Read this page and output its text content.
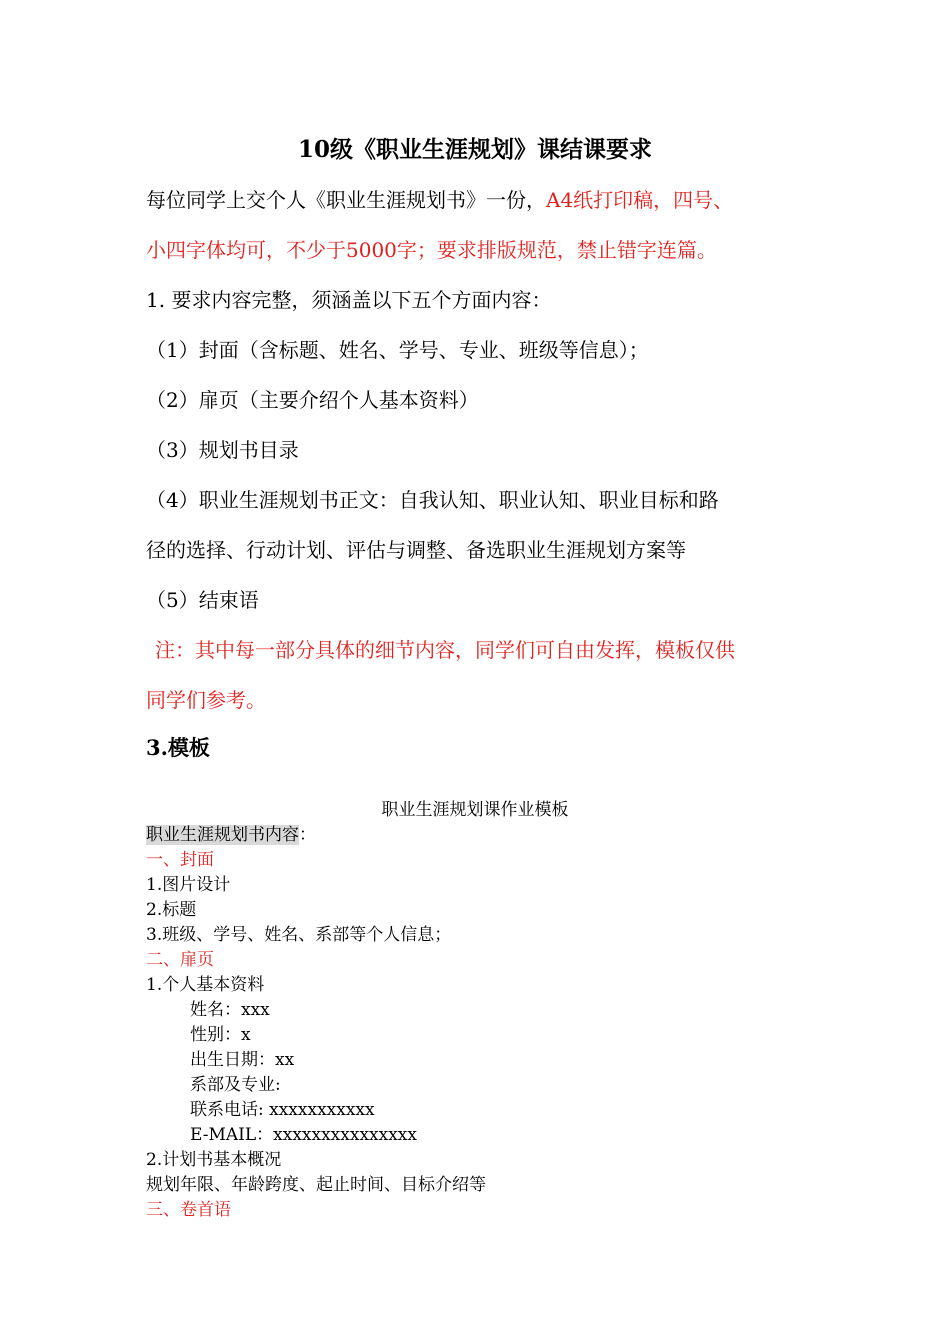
10级《职业生涯规划》课结课要求
每位同学上交个人《职业生涯规划书》一份，A4纸打印稿，四号、
小四字体均可，不少于5000字；要求排版规范，禁止错字连篇。
1. 要求内容完整，须涵盖以下五个方面内容：
（1）封面（含标题、姓名、学号、专业、班级等信息）；
（2）扉页（主要介绍个人基本资料）
（3）规划书目录
（4）职业生涯规划书正文：自我认知、职业认知、职业目标和路
径的选择、行动计划、评估与调整、备选职业生涯规划方案等
（5）结束语
注：其中每一部分具体的细节内容，同学们可自由发挥，模板仅供
同学们参考。
3.模板
职业生涯规划课作业模板
职业生涯规划书内容：
一、封面
1.图片设计
2.标题
3.班级、学号、姓名、系部等个人信息；
二、扉页
1.个人基本资料
姓名：xxx
性别：x
出生日期：xx
系部及专业:
联系电话: xxxxxxxxxxx
E-MAIL：xxxxxxxxxxxxxxx
2.计划书基本概况
规划年限、年龄跨度、起止时间、目标介绍等
三、卷首语
